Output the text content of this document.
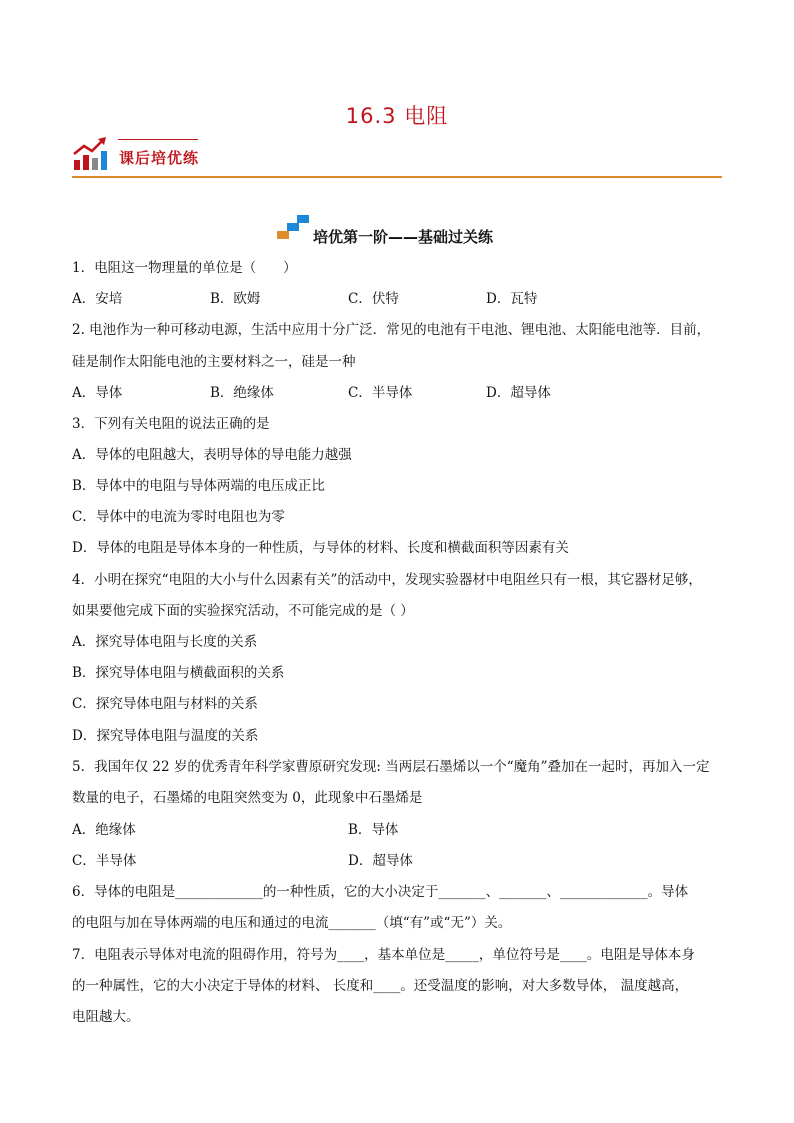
16.3 电阻
课后培优练
培优第一阶——基础过关练
1．电阻这一物理量的单位是（　　）
A．安培	B．欧姆	C．伏特	D．瓦特
2. 电池作为一种可移动电源，生活中应用十分广泛．常见的电池有干电池、锂电池、太阳能电池等．目前，
硅是制作太阳能电池的主要材料之一，硅是一种
A．导体	B．绝缘体	C．半导体	D．超导体
3．下列有关电阻的说法正确的是
A．导体的电阻越大，表明导体的导电能力越强
B．导体中的电阻与导体两端的电压成正比
C．导体中的电流为零时电阻也为零
D．导体的电阻是导体本身的一种性质，与导体的材料、长度和横截面积等因素有关
4．小明在探究“电阻的大小与什么因素有关”的活动中，发现实验器材中电阻丝只有一根，其它器材足够，
如果要他完成下面的实验探究活动，不可能完成的是（ ）
A．探究导体电阻与长度的关系
B．探究导体电阻与横截面积的关系
C．探究导体电阻与材料的关系
D．探究导体电阻与温度的关系
5．我国年仅 22 岁的优秀青年科学家曹原研究发现: 当两层石墨烯以一个“魔角”叠加在一起时，再加入一定
数量的电子，石墨烯的电阻突然变为 0，此现象中石墨烯是
A．绝缘体	B．导体
C．半导体	D．超导体
6．导体的电阻是_____________的一种性质，它的大小决定于_______、_______、_____________。导体
的电阻与加在导体两端的电压和通过的电流_______（填“有”或“无”）关。
7．电阻表示导体对电流的阻碍作用，符号为____，基本单位是_____，单位符号是____。电阻是导体本身
的一种属性，它的大小决定于导体的材料、 长度和____。还受温度的影响，对大多数导体， 温度越高，
电阻越大。
